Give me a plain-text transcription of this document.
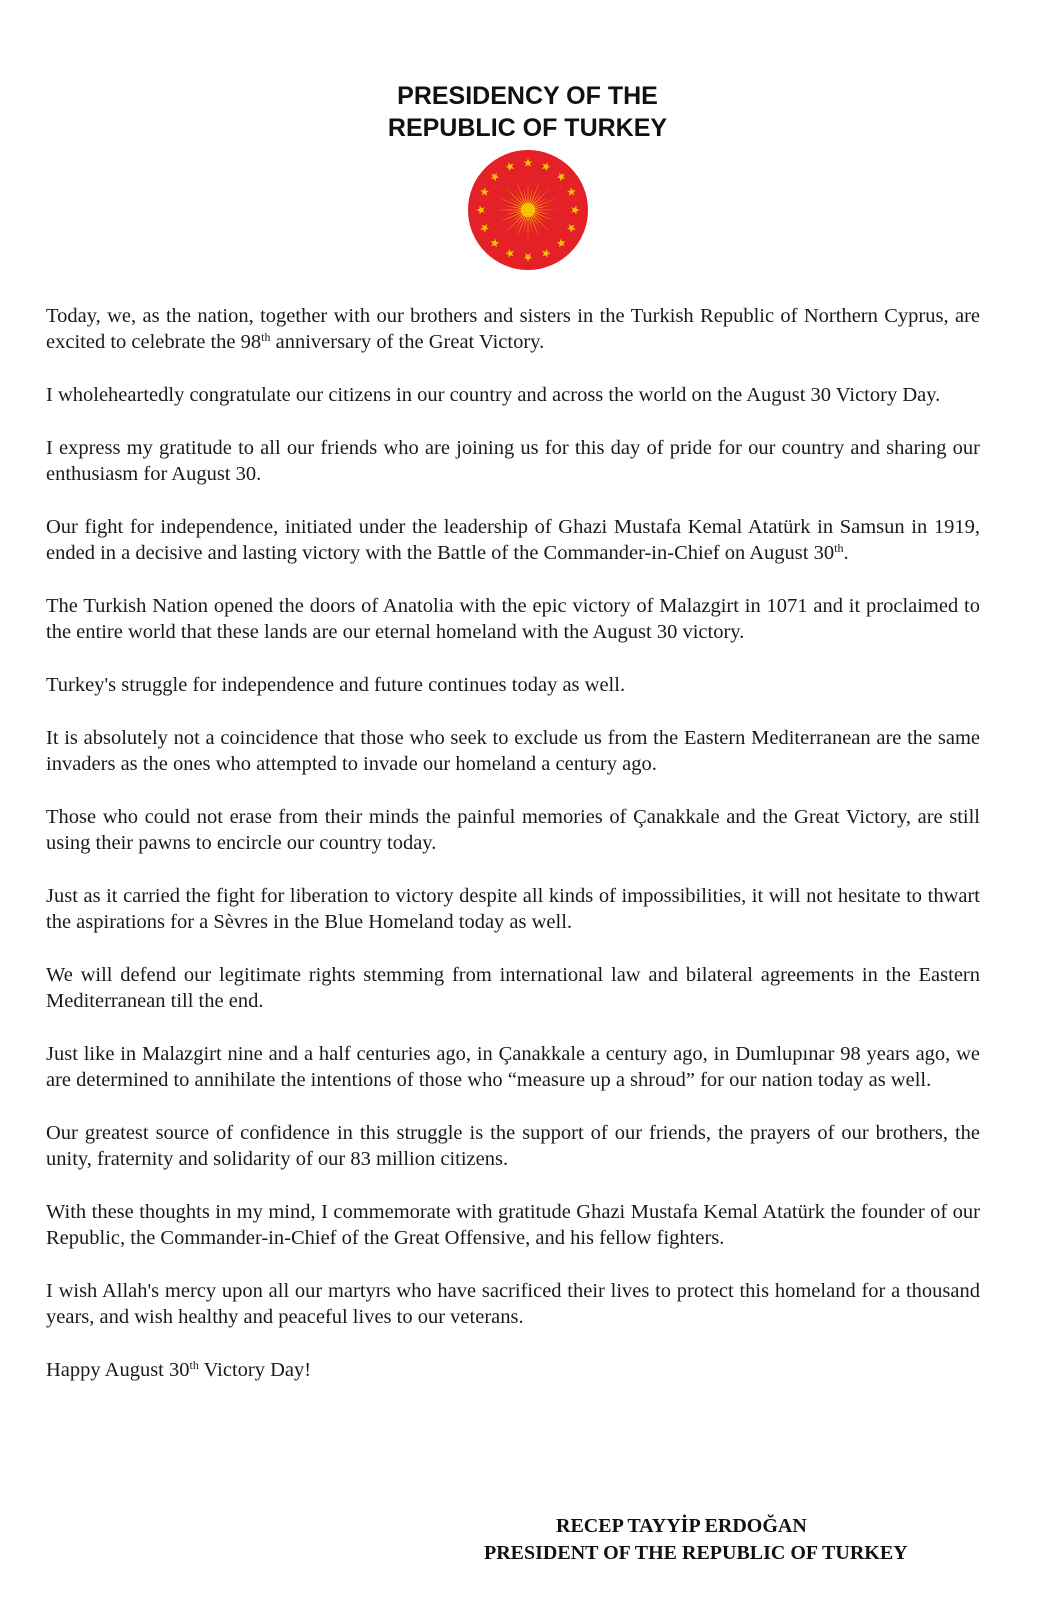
PRESIDENCY OF THE
REPUBLIC OF TURKEY

Today, we, as the nation, together with our brothers and sisters in the Turkish Republic of Northern Cyprus, are excited to celebrate the 98th anniversary of the Great Victory.

I wholeheartedly congratulate our citizens in our country and across the world on the August 30 Victory Day.

I express my gratitude to all our friends who are joining us for this day of pride for our country and sharing our enthusiasm for August 30.

Our fight for independence, initiated under the leadership of Ghazi Mustafa Kemal Atatürk in Samsun in 1919, ended in a decisive and lasting victory with the Battle of the Commander-in-Chief on August 30th.

The Turkish Nation opened the doors of Anatolia with the epic victory of Malazgirt in 1071 and it proclaimed to the entire world that these lands are our eternal homeland with the August 30 victory.

Turkey's struggle for independence and future continues today as well.

It is absolutely not a coincidence that those who seek to exclude us from the Eastern Mediterranean are the same invaders as the ones who attempted to invade our homeland a century ago.

Those who could not erase from their minds the painful memories of Çanakkale and the Great Victory, are still using their pawns to encircle our country today.

Just as it carried the fight for liberation to victory despite all kinds of impossibilities, it will not hesitate to thwart the aspirations for a Sèvres in the Blue Homeland today as well.

We will defend our legitimate rights stemming from international law and bilateral agreements in the Eastern Mediterranean till the end.

Just like in Malazgirt nine and a half centuries ago, in Çanakkale a century ago, in Dumlupınar 98 years ago, we are determined to annihilate the intentions of those who “measure up a shroud” for our nation today as well.

Our greatest source of confidence in this struggle is the support of our friends, the prayers of our brothers, the unity, fraternity and solidarity of our 83 million citizens.

With these thoughts in my mind, I commemorate with gratitude Ghazi Mustafa Kemal Atatürk the founder of our Republic, the Commander-in-Chief of the Great Offensive, and his fellow fighters.

I wish Allah's mercy upon all our martyrs who have sacrificed their lives to protect this homeland for a thousand years, and wish healthy and peaceful lives to our veterans.

Happy August 30th Victory Day!

RECEP TAYYİP ERDOĞAN
PRESIDENT OF THE REPUBLIC OF TURKEY
